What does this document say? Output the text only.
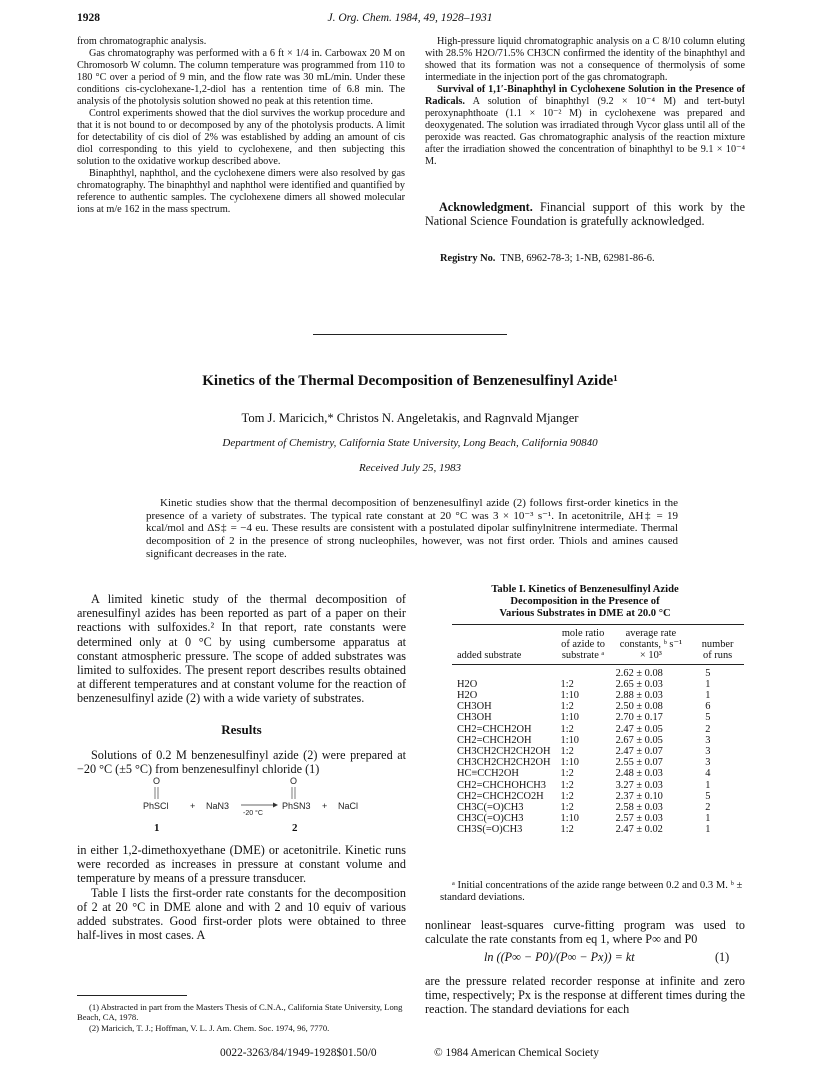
1928	J. Org. Chem. 1984, 49, 1928–1931

from chromatographic analysis.

Gas chromatography was performed with a 6 ft × 1/4 in. Carbowax 20 M on Chromosorb W column. The column temperature was programmed from 110 to 180 °C over a period of 9 min, and the flow rate was 30 mL/min. Under these conditions cis-cyclohexane-1,2-diol has a rentention time of 6.8 min. The analysis of the photolysis solution showed no peak at this retention time.

Control experiments showed that the diol survives the workup procedure and that it is not bound to or decomposed by any of the photolysis products. A limit for detectability of cis diol of 2% was established by adding an amount of cis diol corresponding to this yield to cyclohexene, and then subjecting this solution to the oxidative workup described above.

Binaphthyl, naphthol, and the cyclohexene dimers were also resolved by gas chromatography. The binaphthyl and naphthol were identified and quantified by reference to authentic samples. The cyclohexene dimers all showed molecular ions at m/e 162 in the mass spectrum.

High-pressure liquid chromatographic analysis on a C 8/10 column eluting with 28.5% H2O/71.5% CH3CN confirmed the identity of the binaphthyl and showed that its formation was not a consequence of thermolysis of some intermediate in the injection port of the gas chromatograph.

Survival of 1,1′-Binaphthyl in Cyclohexene Solution in the Presence of Radicals. A solution of binaphthyl (9.2 × 10⁻⁴ M) and tert-butyl peroxynaphthoate (1.1 × 10⁻² M) in cyclohexene was prepared and deoxygenated. The solution was irradiated through Vycor glass until all of the peroxide was reacted. Gas chromatographic analysis of the reaction mixture after the irradiation showed the concentration of binaphthyl to be 9.1 × 10⁻⁴ M.

Acknowledgment. Financial support of this work by the National Science Foundation is gratefully acknowledged.

Registry No. TNB, 6962-78-3; 1-NB, 62981-86-6.
Kinetics of the Thermal Decomposition of Benzenesulfinyl Azide¹
Tom J. Maricich,* Christos N. Angeletakis, and Ragnvald Mjanger
Department of Chemistry, California State University, Long Beach, California 90840
Received July 25, 1983
Kinetic studies show that the thermal decomposition of benzenesulfinyl azide (2) follows first-order kinetics in the presence of a variety of substrates. The typical rate constant at 20 °C was 3 × 10⁻³ s⁻¹. In acetonitrile, ΔH‡ = 19 kcal/mol and ΔS‡ = −4 eu. These results are consistent with a postulated dipolar sulfinylnitrene intermediate. Thermal decomposition of 2 in the presence of strong nucleophiles, however, was not first order. Thiols and amines caused significant decreases in the rate.

A limited kinetic study of the thermal decomposition of arenesulfinyl azides has been reported as part of a paper on their reactions with sulfoxides.² In that report, rate constants were determined only at 0 °C by using cumbersome apparatus at constant atmospheric pressure. The scope of added substrates was limited to sulfoxides. The present report describes results obtained at different temperatures and at constant volume for the reaction of benzenesulfinyl azide (2) with a wide variety of substrates.

Results

Solutions of 0.2 M benzenesulfinyl azide (2) were prepared at −20 °C (±5 °C) from benzenesulfinyl chloride (1)

O
PhSCl + NaN3
-20 °C
O
PhSN3 + NaCl
1	2

in either 1,2-dimethoxyethane (DME) or acetonitrile. Kinetic runs were recorded as increases in pressure at constant volume and temperature by means of a pressure transducer.

Table I lists the first-order rate constants for the decomposition of 2 at 20 °C in DME alone and with 2 and 10 equiv of various added substrates. Good first-order plots were obtained to three half-lives in most cases. A

(1) Abstracted in part from the Masters Thesis of C.N.A., California State University, Long Beach, CA, 1978.
(2) Maricich, T. J.; Hoffman, V. L. J. Am. Chem. Soc. 1974, 96, 7770.
Table I. Kinetics of Benzenesulfinyl Azide
Decomposition in the Presence of
Various Substrates in DME at 20.0 °C
added substrate	mole ratio of azide to substrate ᵃ	average rate constants, ᵇ s⁻¹ × 10³	number of runs
		2.62 ± 0.08	5
H2O	1:2	2.65 ± 0.03	1
H2O	1:10	2.88 ± 0.03	1
CH3OH	1:2	2.50 ± 0.08	6
CH3OH	1:10	2.70 ± 0.17	5
CH2=CHCH2OH	1:2	2.47 ± 0.05	2
CH2=CHCH2OH	1:10	2.67 ± 0.05	3
CH3CH2CH2CH2OH	1:2	2.47 ± 0.07	3
CH3CH2CH2CH2OH	1:10	2.55 ± 0.07	3
HC≡CCH2OH	1:2	2.48 ± 0.03	4
CH2=CHCHOHCH3	1:2	3.27 ± 0.03	1
CH2=CHCH2CO2H	1:2	2.37 ± 0.10	5
CH3C(=O)CH3	1:2	2.58 ± 0.03	2
CH3C(=O)CH3	1:10	2.57 ± 0.03	1
CH3S(=O)CH3	1:2	2.47 ± 0.02	1
ᵃ Initial concentrations of the azide range between 0.2 and 0.3 M. ᵇ ± standard deviations.

nonlinear least-squares curve-fitting program was used to calculate the rate constants from eq 1, where P∞ and P0

ln ((P∞ − P0)/(P∞ − Px)) = kt	(1)

are the pressure related recorder response at infinite and zero time, respectively; Px is the response at different times during the reaction. The standard deviations for each

0022-3263/84/1949-1928$01.50/0	© 1984 American Chemical Society
